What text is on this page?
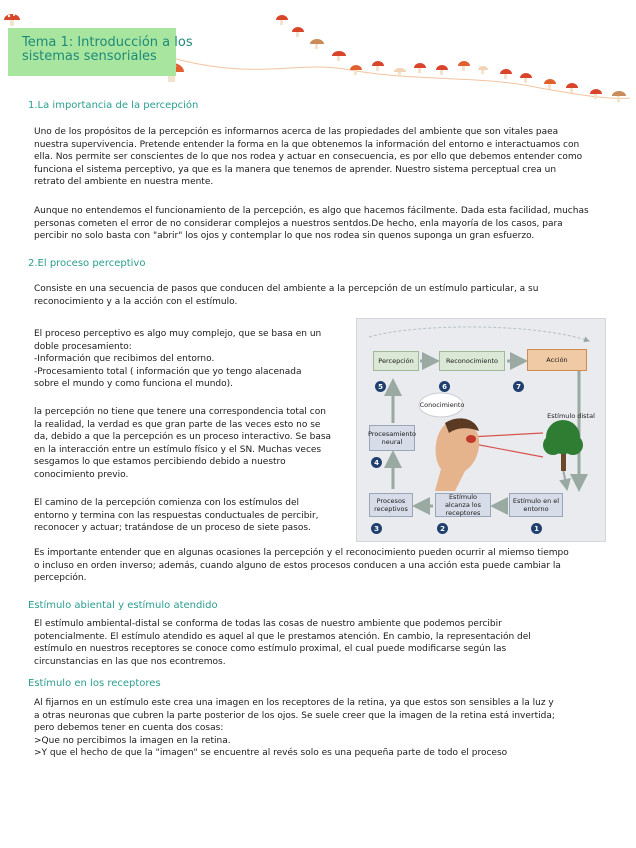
Tema 1: Introducción a los
sistemas sensoriales
1.La importancia de la percepción
Uno de los propósitos de la percepción es informarnos acerca de las propiedades del ambiente que son vitales paea
nuestra supervivencia. Pretende entender la forma en la que obtenemos la información del entorno e interactuamos con
ella. Nos permite ser conscientes de lo que nos rodea y actuar en consecuencia, es por ello que debemos entender como
funciona el sistema perceptivo, ya que es la manera que tenemos de aprender. Nuestro sistema perceptual crea un
retrato del ambiente en nuestra mente.
Aunque no entendemos el funcionamiento de la percepción, es algo que hacemos fácilmente. Dada esta facilidad, muchas
personas cometen el error de no considerar complejos a nuestros sentdos.De hecho, enla mayoría de los casos, para
percibir no solo basta con "abrir" los ojos y contemplar lo que nos rodea sin quenos suponga un gran esfuerzo.
2.El proceso perceptivo
Consiste en una secuencia de pasos que conducen del ambiente a la percepción de un estímulo particular, a su
reconocimiento y a la acción con el estímulo.
El proceso perceptivo es algo muy complejo, que se basa en un
doble procesamiento:
-Información que recibimos del entorno.
-Procesamiento total ( información que yo tengo alacenada
sobre el mundo y como funciona el mundo).
la percepción no tiene que tenere una correspondencia total con
la realidad, la verdad es que gran parte de las veces esto no se
da, debido a que la percepción es un proceso interactivo. Se basa
en la interacción entre un estímulo físico y el SN. Muchas veces
sesgamos lo que estamos percibiendo debido a nuestro
conocimiento previo.
El camino de la percepción comienza con los estímulos del
entorno y termina con las respuestas conductuales de percibir,
reconocer y actuar; tratándose de un proceso de siete pasos.
Percepción	Reconocimiento	Acción
Conocimiento
Estímulo distal
Procesamiento neural
Procesos receptivos
Estímulo alcanza los receptores
Estímulo en el entorno
1
2
3
4
5	6	7
Es importante entender que en algunas ocasiones la percepción y el reconocimiento pueden ocurrir al miemso tiempo
o incluso en orden inverso; además, cuando alguno de estos procesos conducen a una acción esta puede cambiar la
percepción.
Estímulo abiental y estímulo atendido
El estímulo ambiental-distal se conforma de todas las cosas de nuestro ambiente que podemos percibir
potencialmente. El estímulo atendido es aquel al que le prestamos atención. En cambio, la representación del
estímulo en nuestros receptores se conoce como estímulo proximal, el cual puede modificarse según las
circunstancias en las que nos econtremos.
Estímulo en los receptores
Al fijarnos en un estímulo este crea una imagen en los receptores de la retina, ya que estos son sensibles a la luz y
a otras neuronas que cubren la parte posterior de los ojos. Se suele creer que la imagen de la retina está invertida;
pero debemos tener en cuenta dos cosas:
>Que no percibimos la imagen en la retina.
>Y que el hecho de que la "imagen" se encuentre al revés solo es una pequeña parte de todo el proceso
